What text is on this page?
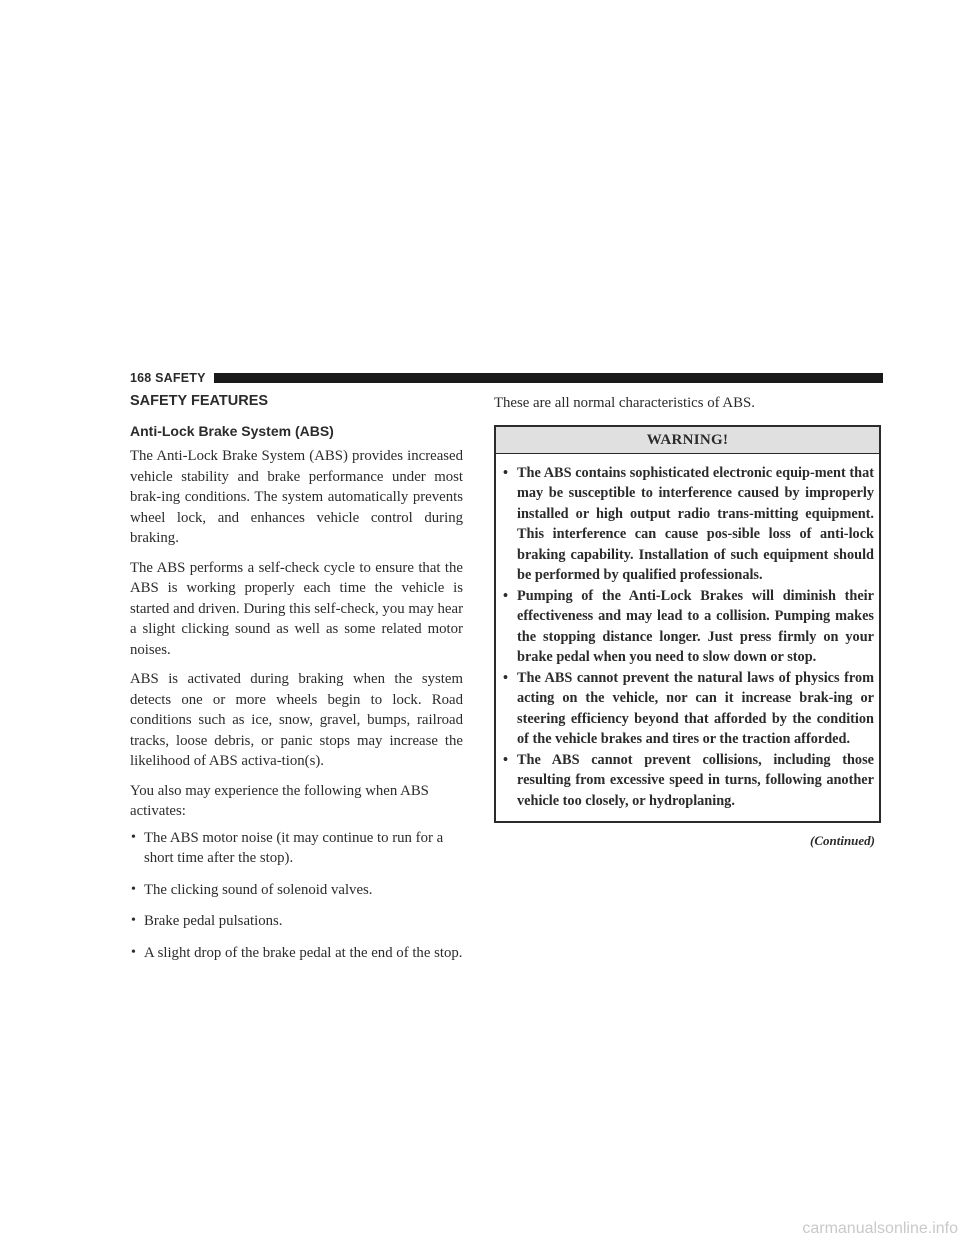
168 SAFETY
SAFETY FEATURES
Anti-Lock Brake System (ABS)

The Anti-Lock Brake System (ABS) provides increased vehicle stability and brake performance under most brak-ing conditions. The system automatically prevents wheel lock, and enhances vehicle control during braking.

The ABS performs a self-check cycle to ensure that the ABS is working properly each time the vehicle is started and driven. During this self-check, you may hear a slight clicking sound as well as some related motor noises.

ABS is activated during braking when the system detects one or more wheels begin to lock. Road conditions such as ice, snow, gravel, bumps, railroad tracks, loose debris, or panic stops may increase the likelihood of ABS activa-tion(s).

You also may experience the following when ABS activates:

• The ABS motor noise (it may continue to run for a short time after the stop).
• The clicking sound of solenoid valves.
• Brake pedal pulsations.
• A slight drop of the brake pedal at the end of the stop.

These are all normal characteristics of ABS.

WARNING!
• The ABS contains sophisticated electronic equip-ment that may be susceptible to interference caused by improperly installed or high output radio trans-mitting equipment. This interference can cause pos-sible loss of anti-lock braking capability. Installation of such equipment should be performed by qualified professionals.
• Pumping of the Anti-Lock Brakes will diminish their effectiveness and may lead to a collision. Pumping makes the stopping distance longer. Just press firmly on your brake pedal when you need to slow down or stop.
• The ABS cannot prevent the natural laws of physics from acting on the vehicle, nor can it increase brak-ing or steering efficiency beyond that afforded by the condition of the vehicle brakes and tires or the traction afforded.
• The ABS cannot prevent collisions, including those resulting from excessive speed in turns, following another vehicle too closely, or hydroplaning.
(Continued)
carmanualsonline.info
